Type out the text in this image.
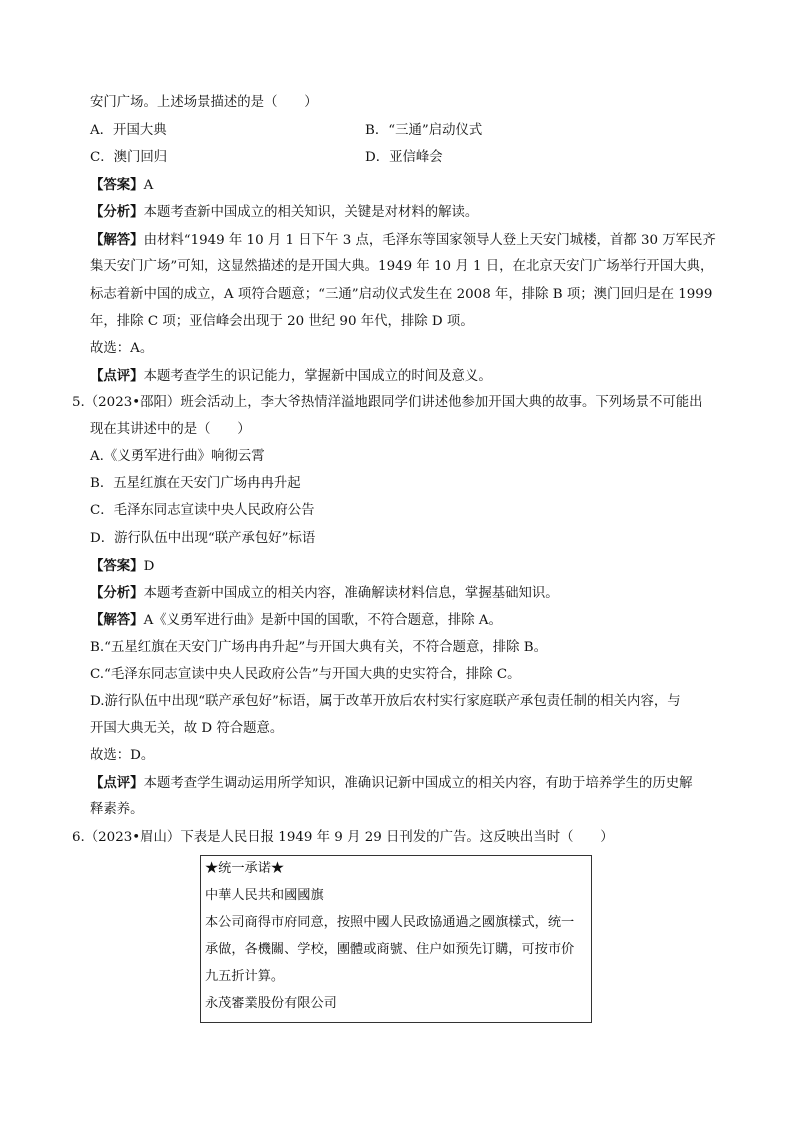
安门广场。上述场景描述的是（　　）
A．开国大典	B．“三通”启动仪式
C．澳门回归	D．亚信峰会
【答案】A
【分析】本题考查新中国成立的相关知识，关键是对材料的解读。
【解答】由材料“1949 年 10 月 1 日下午 3 点，毛泽东等国家领导人登上天安门城楼，首都 30 万军民齐
集天安门广场”可知，这显然描述的是开国大典。1949 年 10 月 1 日，在北京天安门广场举行开国大典，
标志着新中国的成立，A 项符合题意；“三通”启动仪式发生在 2008 年，排除 B 项；澳门回归是在 1999
年，排除 C 项；亚信峰会出现于 20 世纪 90 年代，排除 D 项。
故选：A。
【点评】本题考查学生的识记能力，掌握新中国成立的时间及意义。
5.（2023•邵阳）班会活动上，李大爷热情洋溢地跟同学们讲述他参加开国大典的故事。下列场景不可能出
现在其讲述中的是（　　）
A.《义勇军进行曲》响彻云霄
B．五星红旗在天安门广场冉冉升起
C．毛泽东同志宣读中央人民政府公告
D．游行队伍中出现“联产承包好”标语
【答案】D
【分析】本题考查新中国成立的相关内容，准确解读材料信息，掌握基础知识。
【解答】A《义勇军进行曲》是新中国的国歌，不符合题意，排除 A。
B.“五星红旗在天安门广场冉冉升起”与开国大典有关，不符合题意，排除 B。
C.“毛泽东同志宣读中央人民政府公告”与开国大典的史实符合，排除 C。
D.游行队伍中出现“联产承包好”标语，属于改革开放后农村实行家庭联产承包责任制的相关内容，与
开国大典无关，故 D 符合题意。
故选：D。
【点评】本题考查学生调动运用所学知识，准确识记新中国成立的相关内容，有助于培养学生的历史解
释素养。
6.（2023•眉山）下表是人民日报 1949 年 9 月 29 日刊发的广告。这反映出当时（　　）
★统一承诺★
中華人民共和國國旗
本公司商得市府同意，按照中國人民政協通過之國旗樣式，统一
承做，各機關、学校，團體或商號、住户如预先订購，可按市价
九五折计算。
永茂審業股份有限公司
